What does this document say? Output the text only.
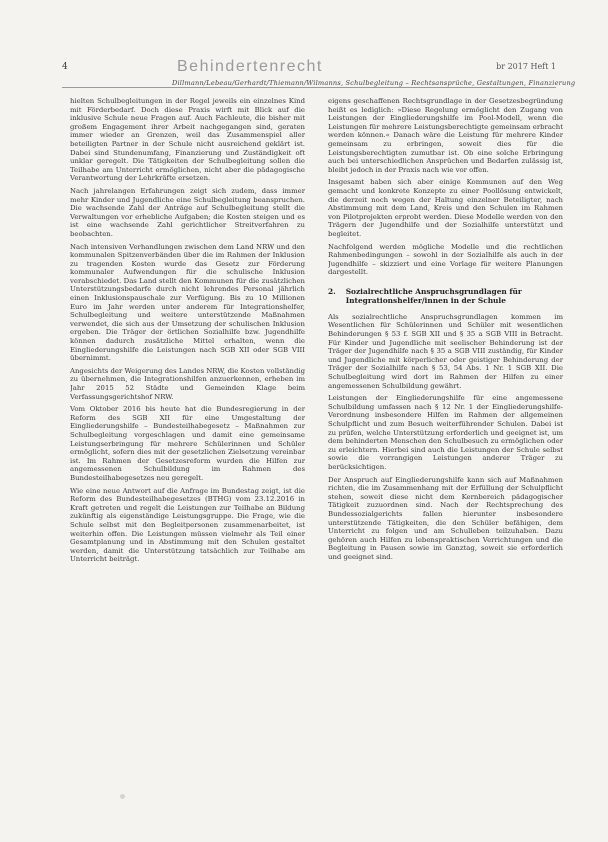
4	Behindertenrecht	br 2017 Heft 1
Dillmann/Lebeau/Gerhardt/Thiemann/Wilmanns, Schulbegleitung – Rechtsansprüche, Gestaltungen, Finanzierung

hielten Schulbegleitungen in der Regel jeweils ein einzelnes Kind mit Förderbedarf. Doch diese Praxis wirft mit Blick auf die inklusive Schule neue Fragen auf. Auch Fachleute, die bisher mit großem Engagement ihrer Arbeit nachgegangen sind, geraten immer wieder an Grenzen, weil das Zusammenspiel aller beteiligten Partner in der Schule nicht ausreichend geklärt ist. Dabei sind Stundenumfang, Finanzierung und Zuständigkeit oft unklar geregelt. Die Tätigkeiten der Schulbegleitung sollen die Teilhabe am Unterricht ermöglichen, nicht aber die pädagogische Verantwortung der Lehrkräfte ersetzen.

Nach jahrelangen Erfahrungen zeigt sich zudem, dass immer mehr Kinder und Jugendliche eine Schulbegleitung beanspruchen. Die wachsende Zahl der Anträge auf Schulbegleitung stellt die Verwaltungen vor erhebliche Aufgaben; die Kosten steigen und es ist eine wachsende Zahl gerichtlicher Streitverfahren zu beobachten.

Nach intensiven Verhandlungen zwischen dem Land NRW und den kommunalen Spitzenverbänden über die im Rahmen der Inklusion zu tragenden Kosten wurde das Gesetz zur Förderung kommunaler Aufwendungen für die schulische Inklusion verabschiedet. Das Land stellt den Kommunen für die zusätzlichen Unterstützungsbedarfe durch nicht lehrendes Personal jährlich einen Inklusionspauschale zur Verfügung. Bis zu 10 Millionen Euro im Jahr werden unter anderem für Integrationshelfer, Schulbegleitung und weitere unterstützende Maßnahmen verwendet, die sich aus der Umsetzung der schulischen Inklusion ergeben. Die Träger der örtlichen Sozialhilfe bzw. Jugendhilfe können dadurch zusätzliche Mittel erhalten, wenn die Eingliederungshilfe die Leistungen nach SGB XII oder SGB VIII übernimmt.

Angesichts der Weigerung des Landes NRW, die Kosten vollständig zu übernehmen, die Integrationshilfen anzuerkennen, erheben im Jahr 2015 52 Städte und Gemeinden Klage beim Verfassungsgerichtshof NRW.

Vom Oktober 2016 bis heute hat die Bundesregierung in der Reform des SGB XII für eine Umgestaltung der Eingliederungshilfe – Bundesteilhabegesetz – Maßnahmen zur Schulbegleitung vorgeschlagen und damit eine gemeinsame Leistungserbringung für mehrere Schülerinnen und Schüler ermöglicht, sofern dies mit der gesetzlichen Zielsetzung vereinbar ist. Im Rahmen der Gesetzesreform wurden die Hilfen zur angemessenen Schulbildung im Rahmen des Bundesteilhabegesetzes neu geregelt.

Wie eine neue Antwort auf die Anfrage im Bundestag zeigt, ist die Reform des Bundesteilhabegesetzes (BTHG) vom 23.12.2016 in Kraft getreten und regelt die Leistungen zur Teilhabe an Bildung zukünftig als eigenständige Leistungsgruppe. Die Frage, wie die Schule selbst mit den Begleitpersonen zusammenarbeitet, ist weiterhin offen. Die Leistungen müssen vielmehr als Teil einer Gesamtplanung und in Abstimmung mit den Schulen gestaltet werden, damit die Unterstützung tatsächlich zur Teilhabe am Unterricht beiträgt.

eigens geschaffenen Rechtsgrundlage in der Gesetzesbegründung heißt es lediglich: »Diese Regelung ermöglicht den Zugang von Leistungen der Eingliederungshilfe im Pool-Modell, wenn die Leistungen für mehrere Leistungsberechtigte gemeinsam erbracht werden können.« Danach wäre die Leistung für mehrere Kinder gemeinsam zu erbringen, soweit dies für die Leistungsberechtigten zumutbar ist. Ob eine solche Erbringung auch bei unterschiedlichen Ansprüchen und Bedarfen zulässig ist, bleibt jedoch in der Praxis nach wie vor offen.

Insgesamt haben sich aber einige Kommunen auf den Weg gemacht und konkrete Konzepte zu einer Poollösung entwickelt, die derzeit noch wegen der Haltung einzelner Beteiligter, nach Abstimmung mit dem Land, Kreis und den Schulen im Rahmen von Pilotprojekten erprobt werden. Diese Modelle werden von den Trägern der Jugendhilfe und der Sozialhilfe unterstützt und begleitet.

Nachfolgend werden mögliche Modelle und die rechtlichen Rahmenbedingungen – sowohl in der Sozialhilfe als auch in der Jugendhilfe – skizziert und eine Vorlage für weitere Planungen dargestellt.

2. Sozialrechtliche Anspruchsgrundlagen für Integrationshelfer/innen in der Schule

Als sozialrechtliche Anspruchsgrundlagen kommen im Wesentlichen für Schülerinnen und Schüler mit wesentlichen Behinderungen § 53 f. SGB XII und § 35 a SGB VIII in Betracht. Für Kinder und Jugendliche mit seelischer Behinderung ist der Träger der Jugendhilfe nach § 35 a SGB VIII zuständig, für Kinder und Jugendliche mit körperlicher oder geistiger Behinderung der Träger der Sozialhilfe nach § 53, 54 Abs. 1 Nr. 1 SGB XII. Die Schulbegleitung wird dort im Rahmen der Hilfen zu einer angemessenen Schulbildung gewährt.

Leistungen der Eingliederungshilfe für eine angemessene Schulbildung umfassen nach § 12 Nr. 1 der Eingliederungshilfe-Verordnung insbesondere Hilfen im Rahmen der allgemeinen Schulpflicht und zum Besuch weiterführender Schulen. Dabei ist zu prüfen, welche Unterstützung erforderlich und geeignet ist, um dem behinderten Menschen den Schulbesuch zu ermöglichen oder zu erleichtern. Hierbei sind auch die Leistungen der Schule selbst sowie die vorrangigen Leistungen anderer Träger zu berücksichtigen.

Der Anspruch auf Eingliederungshilfe kann sich auf Maßnahmen richten, die im Zusammenhang mit der Erfüllung der Schulpflicht stehen, soweit diese nicht dem Kernbereich pädagogischer Tätigkeit zuzuordnen sind. Nach der Rechtsprechung des Bundessozialgerichts fallen hierunter insbesondere unterstützende Tätigkeiten, die den Schüler befähigen, dem Unterricht zu folgen und am Schulleben teilzuhaben. Dazu gehören auch Hilfen zu lebenspraktischen Verrichtungen und die Begleitung in Pausen sowie im Ganztag, soweit sie erforderlich und geeignet sind.
